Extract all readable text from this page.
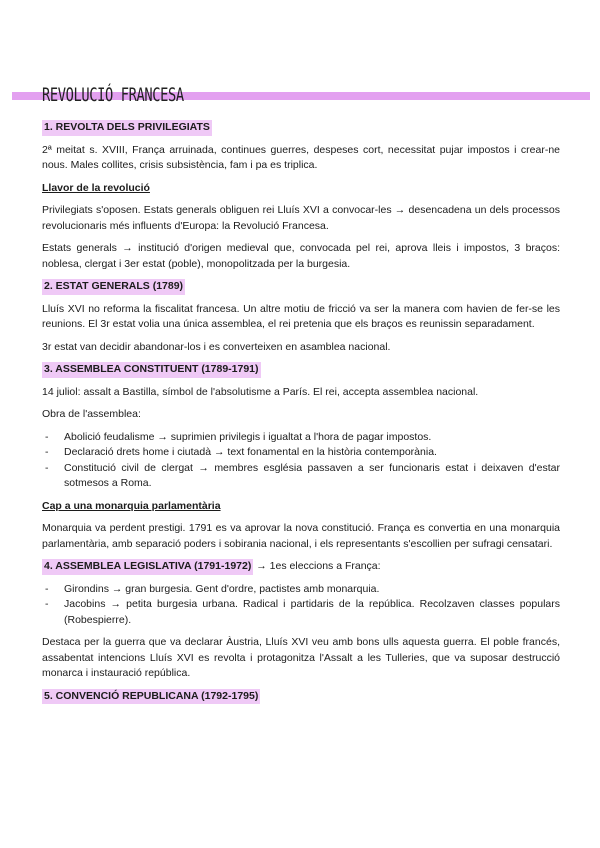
REVOLUCIÓ FRANCESA
1. REVOLTA DELS PRIVILEGIATS

2ª meitat s. XVIII, França arruinada, continues guerres, despeses cort, necessitat pujar impostos i crear-ne nous. Males collites, crisis subsistència, fam i pa es triplica.

Llavor de la revolució

Privilegiats s'oposen. Estats generals obliguen rei Lluís XVI a convocar-les → desencadena un dels processos revolucionaris més influents d'Europa: la Revolució Francesa.

Estats generals → institució d'origen medieval que, convocada pel rei, aprova lleis i impostos, 3 braços: noblesa, clergat i 3er estat (poble), monopolitzada per la burgesia.

2. ESTAT GENERALS (1789)

Lluís XVI no reforma la fiscalitat francesa. Un altre motiu de fricció va ser la manera com havien de fer-se les reunions. El 3r estat volia una única assemblea, el rei pretenia que els braços es reunissin separadament.

3r estat van decidir abandonar-los i es converteixen en asamblea nacional.

3. ASSEMBLEA CONSTITUENT (1789-1791)

14 juliol: assalt a Bastilla, símbol de l'absolutisme a París. El rei, accepta assemblea nacional.

Obra de l'assemblea:

- Abolició feudalisme → suprimien privilegis i igualtat a l'hora de pagar impostos.
- Declaració drets home i ciutadà → text fonamental en la història contemporània.
- Constitució civil de clergat → membres església passaven a ser funcionaris estat i deixaven d'estar sotmesos a Roma.
Cap a una monarquia parlamentària

Monarquia va perdent prestigi. 1791 es va aprovar la nova constitució. França es convertia en una monarquia parlamentària, amb separació poders i sobirania nacional, i els representants s'escollien per sufragi censatari.

4. ASSEMBLEA LEGISLATIVA (1791-1972) → 1es eleccions a França:
- Girondins → gran burgesia. Gent d'ordre, pactistes amb monarquia.
- Jacobins → petita burgesia urbana. Radical i partidaris de la república. Recolzaven classes populars (Robespierre).

Destaca per la guerra que va declarar Àustria, Lluís XVI veu amb bons ulls aquesta guerra. El poble francés, assabentat intencions Lluís XVI es revolta i protagonitza l'Assalt a les Tulleries, que va suposar destrucció monarca i instauració república.

5. CONVENCIÓ REPUBLICANA (1792-1795)
